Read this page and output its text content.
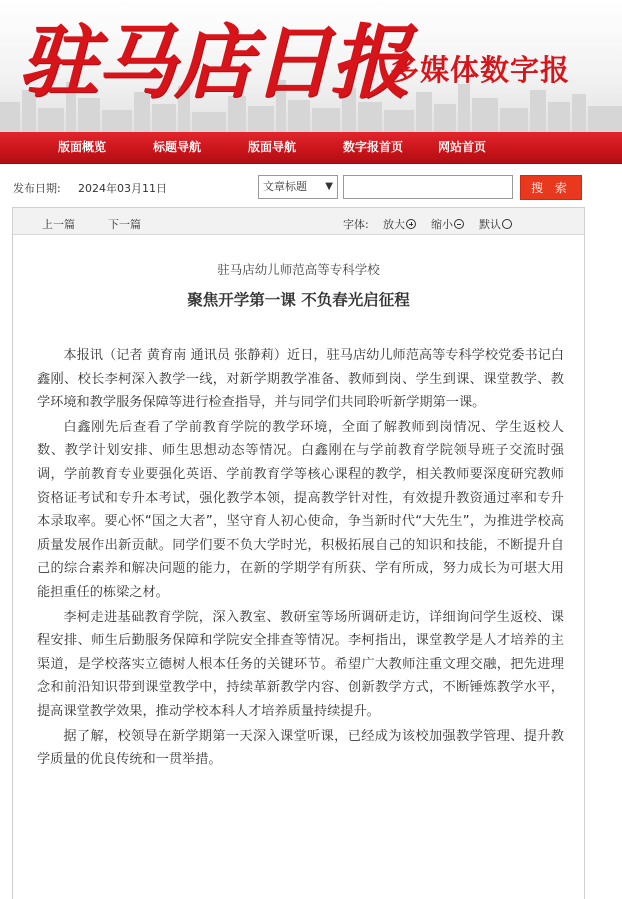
驻马店日报
多媒体数字报
版面概览	标题导航	版面导航	数字报首页	网站首页
发布日期: 2024年03月11日	文章标题 ▼	搜 索
上一篇	下一篇	字体: 放大	缩小	默认
驻马店幼儿师范高等专科学校
聚焦开学第一课 不负春光启征程

本报讯（记者 黄育南 通讯员 张静莉）近日，驻马店幼儿师范高等专科学校党委书记白鑫刚、校长李柯深入教学一线，对新学期教学准备、教师到岗、学生到课、课堂教学、教学环境和教学服务保障等进行检查指导，并与同学们共同聆听新学期第一课。

白鑫刚先后查看了学前教育学院的教学环境，全面了解教师到岗情况、学生返校人数、教学计划安排、师生思想动态等情况。白鑫刚在与学前教育学院领导班子交流时强调，学前教育专业要强化英语、学前教育学等核心课程的教学，相关教师要深度研究教师资格证考试和专升本考试，强化教学本领，提高教学针对性，有效提升教资通过率和专升本录取率。要心怀“国之大者”，坚守育人初心使命，争当新时代“大先生”，为推进学校高质量发展作出新贡献。同学们要不负大学时光，积极拓展自己的知识和技能，不断提升自己的综合素养和解决问题的能力，在新的学期学有所获、学有所成，努力成长为可堪大用能担重任的栋梁之材。

李柯走进基础教育学院，深入教室、教研室等场所调研走访，详细询问学生返校、课程安排、师生后勤服务保障和学院安全排查等情况。李柯指出，课堂教学是人才培养的主渠道，是学校落实立德树人根本任务的关键环节。希望广大教师注重文理交融，把先进理念和前沿知识带到课堂教学中，持续革新教学内容、创新教学方式，不断锤炼教学水平，提高课堂教学效果，推动学校本科人才培养质量持续提升。

据了解，校领导在新学期第一天深入课堂听课，已经成为该校加强教学管理、提升教学质量的优良传统和一贯举措。
